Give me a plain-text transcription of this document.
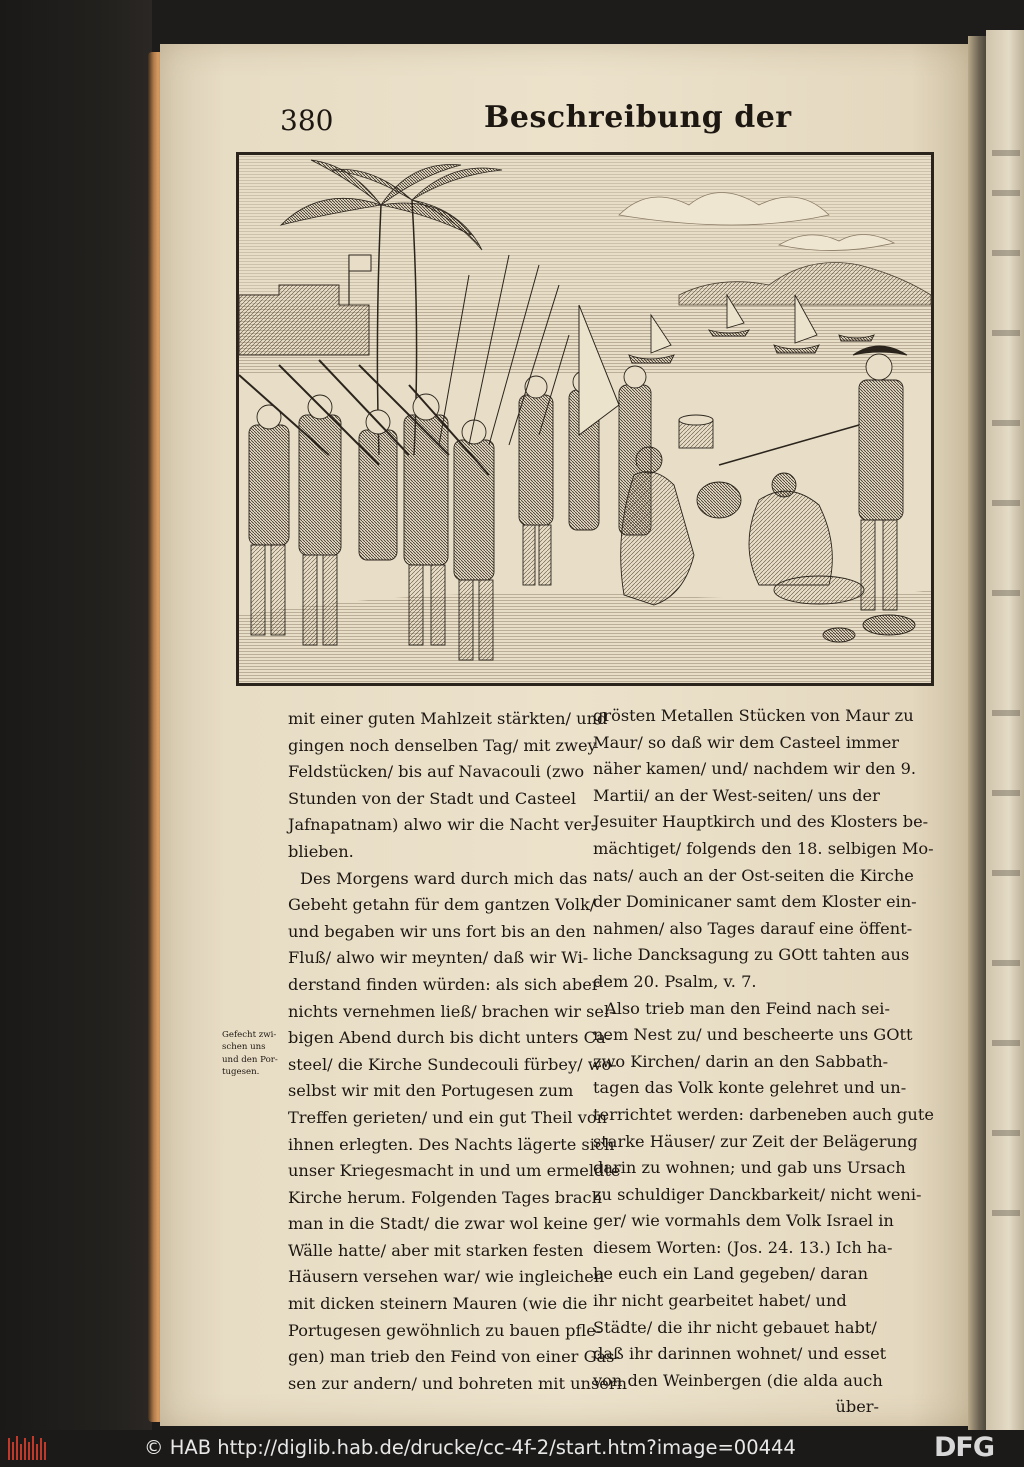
380	Beschreibung der
mit einer guten Mahlzeit stärkten/ und
gingen noch denselben Tag/ mit zwey
Feldstücken/ bis auf Navacouli (zwo
Stunden von der Stadt und Casteel
Jafnapatnam) alwo wir die Nacht ver-
blieben.
Des Morgens ward durch mich das
Gebeht getahn für dem gantzen Volk/
und begaben wir uns fort bis an den
Fluß/ alwo wir meynten/ daß wir Wi-
derstand finden würden: als sich aber
nichts vernehmen ließ/ brachen wir sel-
bigen Abend durch bis dicht unters Ca-
steel/ die Kirche Sundecouli fürbey/ wo-
selbst wir mit den Portugesen zum
Treffen gerieten/ und ein gut Theil von
ihnen erlegten. Des Nachts lägerte sich
unser Kriegesmacht in und um ermeldte
Kirche herum. Folgenden Tages brach
man in die Stadt/ die zwar wol keine
Wälle hatte/ aber mit starken festen
Häusern versehen war/ wie ingleichen
mit dicken steinern Mauren (wie die
Portugesen gewöhnlich zu bauen pfle-
gen) man trieb den Feind von einer Gas-
sen zur andern/ und bohreten mit unsern
grösten Metallen Stücken von Maur zu
Maur/ so daß wir dem Casteel immer
näher kamen/ und/ nachdem wir den 9.
Martii/ an der West-seiten/ uns der
Jesuiter Hauptkirch und des Klosters be-
mächtiget/ folgends den 18. selbigen Mo-
nats/ auch an der Ost-seiten die Kirche
der Dominicaner samt dem Kloster ein-
nahmen/ also Tages darauf eine öffent-
liche Dancksagung zu GOtt tahten aus
dem 20. Psalm, v. 7.
Also trieb man den Feind nach sei-
nem Nest zu/ und bescheerte uns GOtt
zwo Kirchen/ darin an den Sabbath-
tagen das Volk konte gelehret und un-
terrichtet werden: darbeneben auch gute
starke Häuser/ zur Zeit der Belägerung
darin zu wohnen; und gab uns Ursach
zu schuldiger Danckbarkeit/ nicht weni-
ger/ wie vormahls dem Volk Israel in
diesem Worten: (Jos. 24. 13.) Ich ha-
be euch ein Land gegeben/ daran
ihr nicht gearbeitet habet/ und
Städte/ die ihr nicht gebauet habt/
daß ihr darinnen wohnet/ und esset
von den Weinbergen (die alda auch
über-
Gefecht zwi-
schen uns
und den Por-
tugesen.
© HAB http://diglib.hab.de/drucke/cc-4f-2/start.htm?image=00444	DFG
